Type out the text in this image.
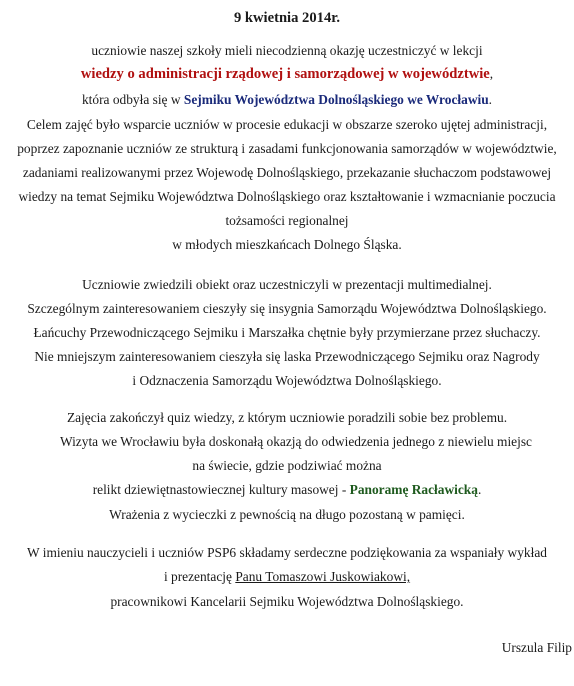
9 kwietnia 2014r.
uczniowie naszej szkoły mieli niecodzienną okazję uczestniczyć w lekcji
wiedzy o administracji rządowej i samorządowej w województwie,
która odbyła się w Sejmiku Województwa Dolnośląskiego we Wrocławiu.
Celem zajęć było wsparcie uczniów w procesie edukacji w obszarze szeroko ujętej administracji,
poprzez zapoznanie uczniów ze strukturą i zasadami funkcjonowania samorządów w województwie,
zadaniami realizowanymi przez Wojewodę Dolnośląskiego, przekazanie słuchaczom podstawowej
wiedzy na temat Sejmiku Województwa Dolnośląskiego oraz kształtowanie i wzmacnianie poczucia
tożsamości regionalnej
w młodych mieszkańcach Dolnego Śląska.
Uczniowie zwiedzili obiekt oraz uczestniczyli w prezentacji multimedialnej.
Szczególnym zainteresowaniem cieszyły się insygnia Samorządu Województwa Dolnośląskiego.
Łańcuchy Przewodniczącego Sejmiku i Marszałka chętnie były przymierzane przez słuchaczy.
Nie mniejszym zainteresowaniem cieszyła się laska Przewodniczącego Sejmiku oraz Nagrody
i Odznaczenia Samorządu Województwa Dolnośląskiego.
Zajęcia zakończył quiz wiedzy, z którym uczniowie poradzili sobie bez problemu.
Wizyta we Wrocławiu była doskonałą okazją do odwiedzenia jednego z niewielu miejsc
na świecie, gdzie podziwiać można
relikt dziewiętnastowiecznej kultury masowej - Panoramę Racławicką.
Wrażenia z wycieczki z pewnością na długo pozostaną w pamięci.
W imieniu nauczycieli i uczniów PSP6 składamy serdeczne podziękowania za wspaniały wykład
i prezentację Panu Tomaszowi Juskowiakowi,
pracownikowi Kancelarii Sejmiku Województwa Dolnośląskiego.
Urszula Filip
